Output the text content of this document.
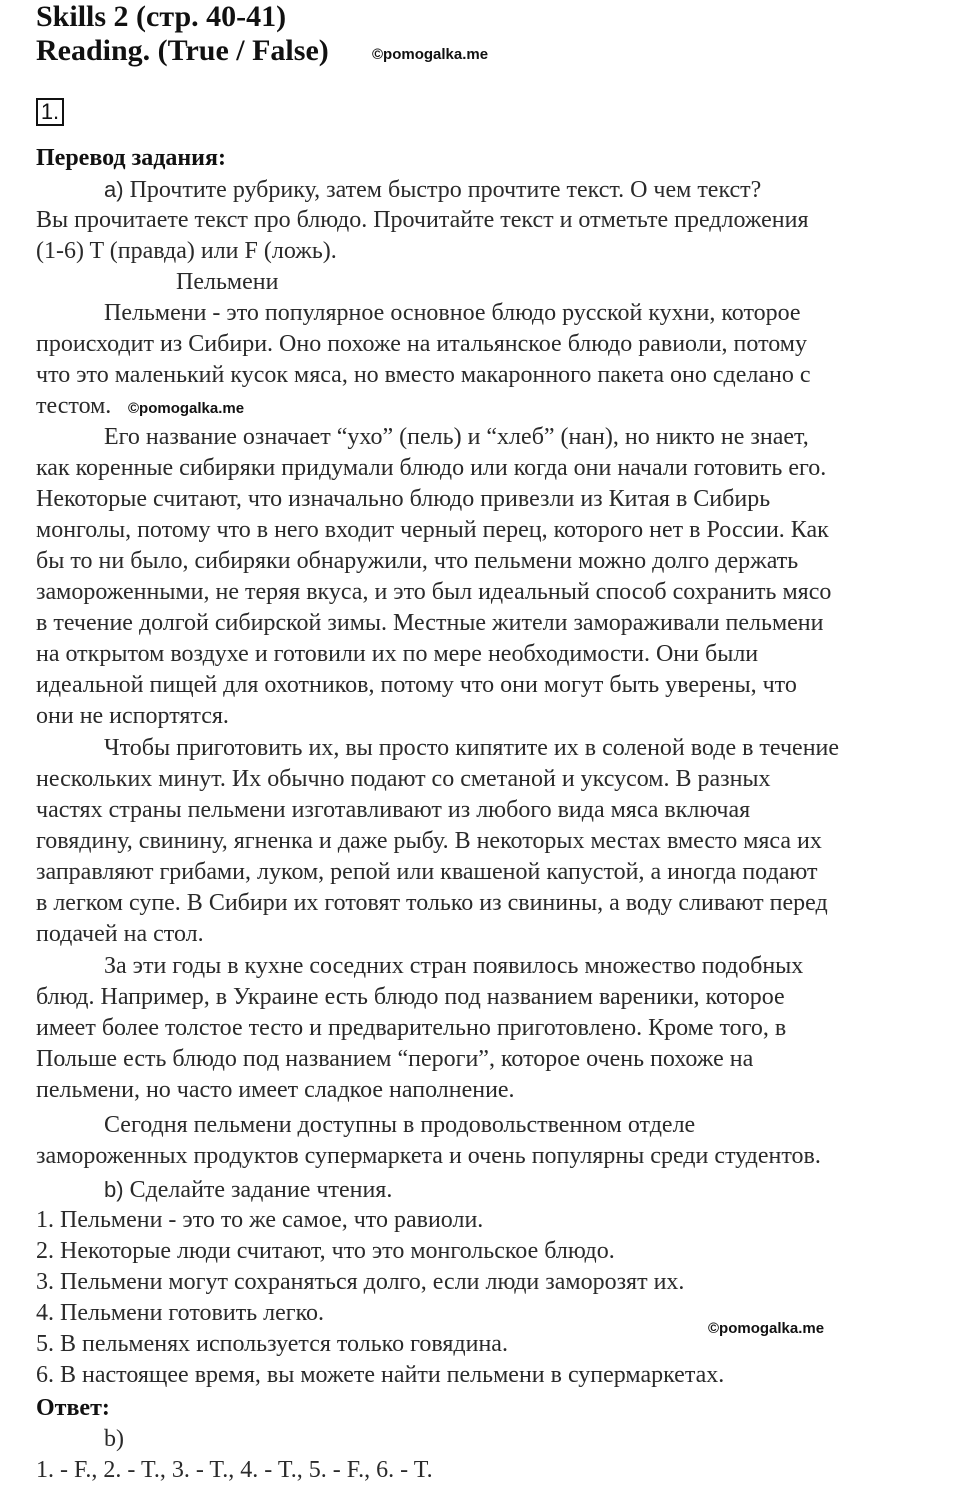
Skills 2 (стр. 40-41)
Reading. (True / False)	©pomogalka.me
1.
Перевод задания:
a) Прочтите рубрику, затем быстро прочтите текст. О чем текст?
Вы прочитаете текст про блюдо. Прочитайте текст и отметьте предложения
(1-6) T (правда) или F (ложь).
Пельмени
Пельмени - это популярное основное блюдо русской кухни, которое
происходит из Сибири. Оно похоже на итальянское блюдо равиоли, потому
что это маленький кусок мяса, но вместо макаронного пакета оно сделано с
тестом. ©pomogalka.me
Его название означает “ухо” (пель) и “хлеб” (нан), но никто не знает,
как коренные сибиряки придумали блюдо или когда они начали готовить его.
Некоторые считают, что изначально блюдо привезли из Китая в Сибирь
монголы, потому что в него входит черный перец, которого нет в России. Как
бы то ни было, сибиряки обнаружили, что пельмени можно долго держать
замороженными, не теряя вкуса, и это был идеальный способ сохранить мясо
в течение долгой сибирской зимы. Местные жители замораживали пельмени
на открытом воздухе и готовили их по мере необходимости. Они были
идеальной пищей для охотников, потому что они могут быть уверены, что
они не испортятся.
Чтобы приготовить их, вы просто кипятите их в соленой воде в течение
нескольких минут. Их обычно подают со сметаной и уксусом. В разных
частях страны пельмени изготавливают из любого вида мяса включая
говядину, свинину, ягненка и даже рыбу. В некоторых местах вместо мяса их
заправляют грибами, луком, репой или квашеной капустой, а иногда подают
в легком супе. В Сибири их готовят только из свинины, а воду сливают перед
подачей на стол.
За эти годы в кухне соседних стран появилось множество подобных
блюд. Например, в Украине есть блюдо под названием вареники, которое
имеет более толстое тесто и предварительно приготовлено. Кроме того, в
Польше есть блюдо под названием “пероги”, которое очень похоже на
пельмени, но часто имеет сладкое наполнение.
Сегодня пельмени доступны в продовольственном отделе
замороженных продуктов супермаркета и очень популярны среди студентов.
b) Сделайте задание чтения.
1. Пельмени - это то же самое, что равиоли.
2. Некоторые люди считают, что это монгольское блюдо.
3. Пельмени могут сохраняться долго, если люди заморозят их.
4. Пельмени готовить легко.
5. В пельменях используется только говядина.
6. В настоящее время, вы можете найти пельмени в супермаркетах.
©pomogalka.me
Ответ:
b)
1. - F., 2. - T., 3. - T., 4. - T., 5. - F., 6. - T.
